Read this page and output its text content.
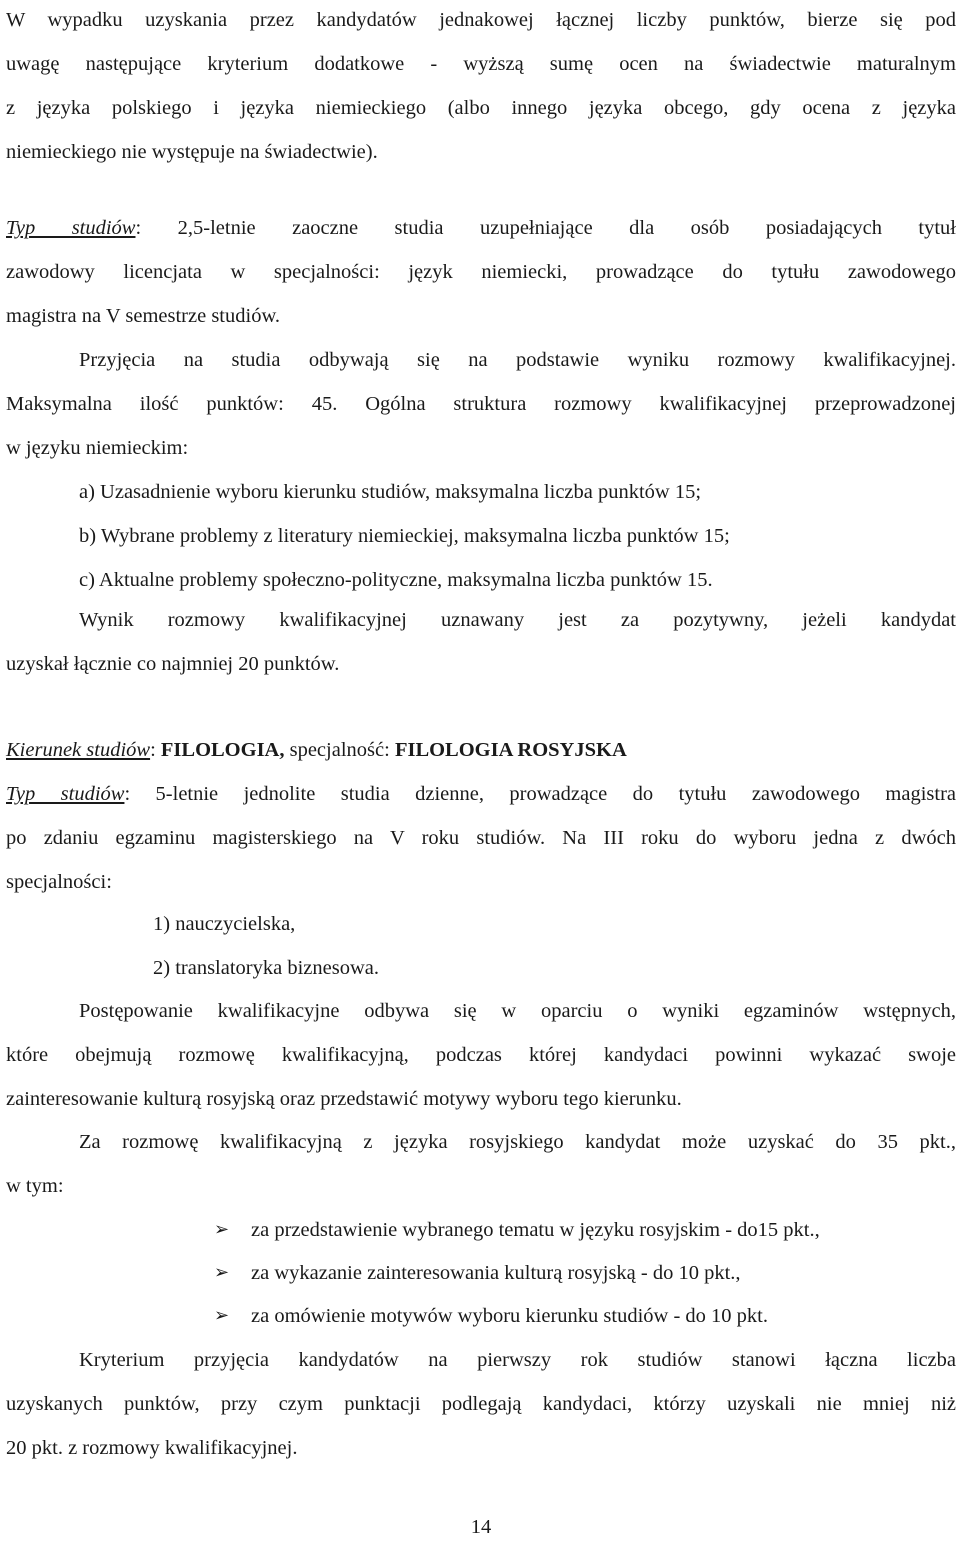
W wypadku uzyskania przez kandydatów jednakowej łącznej liczby punktów, bierze się pod
uwagę następujące kryterium dodatkowe - wyższą sumę ocen na świadectwie maturalnym
z języka polskiego i języka niemieckiego (albo innego języka obcego, gdy ocena z języka
niemieckiego nie występuje na świadectwie).
Typ studiów: 2,5-letnie zaoczne studia uzupełniające dla osób posiadających tytuł
zawodowy licencjata w specjalności: język niemiecki, prowadzące do tytułu zawodowego
magistra na V semestrze studiów.
Przyjęcia na studia odbywają się na podstawie wyniku rozmowy kwalifikacyjnej.
Maksymalna ilość punktów: 45. Ogólna struktura rozmowy kwalifikacyjnej przeprowadzonej
w języku niemieckim:
a) Uzasadnienie wyboru kierunku studiów, maksymalna liczba punktów 15;
b) Wybrane problemy z literatury niemieckiej, maksymalna liczba punktów 15;
c) Aktualne problemy społeczno-polityczne, maksymalna liczba punktów 15.
Wynik rozmowy kwalifikacyjnej uznawany jest za pozytywny, jeżeli kandydat
uzyskał łącznie co najmniej 20 punktów.
Kierunek studiów: FILOLOGIA, specjalność: FILOLOGIA ROSYJSKA
Typ studiów: 5-letnie jednolite studia dzienne, prowadzące do tytułu zawodowego magistra
po zdaniu egzaminu magisterskiego na V roku studiów. Na III roku do wyboru jedna z dwóch
specjalności:
1) nauczycielska,
2) translatoryka biznesowa.
Postępowanie kwalifikacyjne odbywa się w oparciu o wyniki egzaminów wstępnych,
które obejmują rozmowę kwalifikacyjną, podczas której kandydaci powinni wykazać swoje
zainteresowanie kulturą rosyjską oraz przedstawić motywy wyboru tego kierunku.
Za rozmowę kwalifikacyjną z języka rosyjskiego kandydat może uzyskać do 35 pkt.,
w tym:
➢ za przedstawienie wybranego tematu w języku rosyjskim - do15 pkt.,
➢ za wykazanie zainteresowania kulturą rosyjską - do 10 pkt.,
➢ za omówienie motywów wyboru kierunku studiów - do 10 pkt.
Kryterium przyjęcia kandydatów na pierwszy rok studiów stanowi łączna liczba
uzyskanych punktów, przy czym punktacji podlegają kandydaci, którzy uzyskali nie mniej niż
20 pkt. z rozmowy kwalifikacyjnej.
14
